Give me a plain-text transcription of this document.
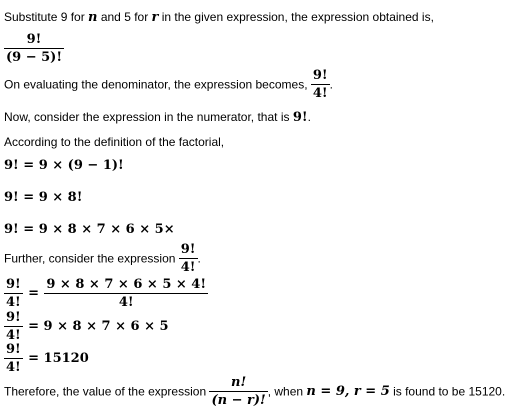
Substitute 9 for n and 5 for r in the given expression, the expression obtained is,
$\frac{9!}{(9 - 5)!}$
On evaluating the denominator, the expression becomes, $\frac{9!}{4!}$ .
Now, consider the expression in the numerator, that is 9!.
According to the definition of the factorial,
9! = 9 × (9 − 1)!
9! = 9 × 8!
9! = 9 × 8 × 7 × 6 × 5×
Further, consider the expression $\frac{9!}{4!}$ .
$\frac{9!}{4!} = \frac{9 \times 8 \times 7 \times 6 \times 5 \times 4!}{4!}$
$\frac{9!}{4!} = 9 \times 8 \times 7 \times 6 \times 5$
$\frac{9!}{4!} = 15120$
Therefore, the value of the expression $\frac{n!}{(n - r)!}$ , when n = 9, r = 5 is found to be 15120.
